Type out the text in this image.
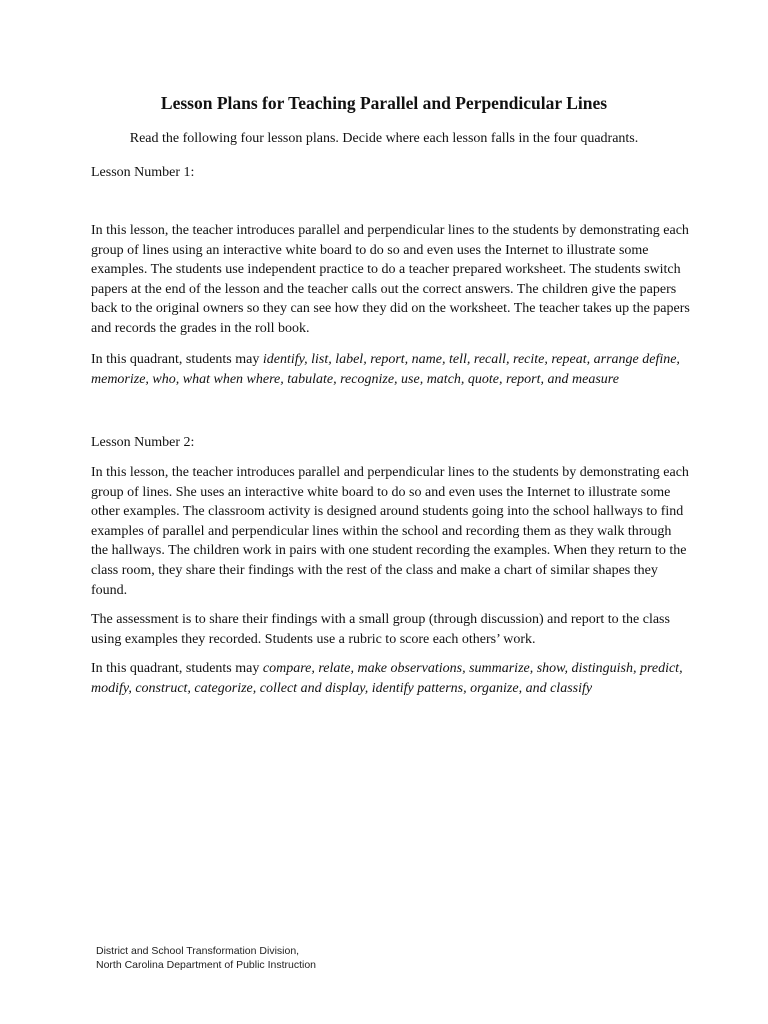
Lesson Plans for Teaching Parallel and Perpendicular Lines
Read the following four lesson plans. Decide where each lesson falls in the four quadrants.

Lesson Number 1:

In this lesson, the teacher introduces parallel and perpendicular lines to the students by demonstrating each group of lines using an interactive white board to do so and even uses the Internet to illustrate some examples. The students use independent practice to do a teacher prepared worksheet. The students switch papers at the end of the lesson and the teacher calls out the correct answers. The children give the papers back to the original owners so they can see how they did on the worksheet. The teacher takes up the papers and records the grades in the roll book.

In this quadrant, students may identify, list, label, report, name, tell, recall, recite, repeat, arrange define, memorize, who, what when where, tabulate, recognize, use, match, quote, report, and measure

Lesson Number 2:

In this lesson, the teacher introduces parallel and perpendicular lines to the students by demonstrating each group of lines. She uses an interactive white board to do so and even uses the Internet to illustrate some other examples. The classroom activity is designed around students going into the school hallways to find examples of parallel and perpendicular lines within the school and recording them as they walk through the hallways. The children work in pairs with one student recording the examples. When they return to the class room, they share their findings with the rest of the class and make a chart of similar shapes they found.

The assessment is to share their findings with a small group (through discussion) and report to the class using examples they recorded. Students use a rubric to score each others’ work.

In this quadrant, students may compare, relate, make observations, summarize, show, distinguish, predict, modify, construct, categorize, collect and display, identify patterns, organize, and classify

District and School Transformation Division,
North Carolina Department of Public Instruction
